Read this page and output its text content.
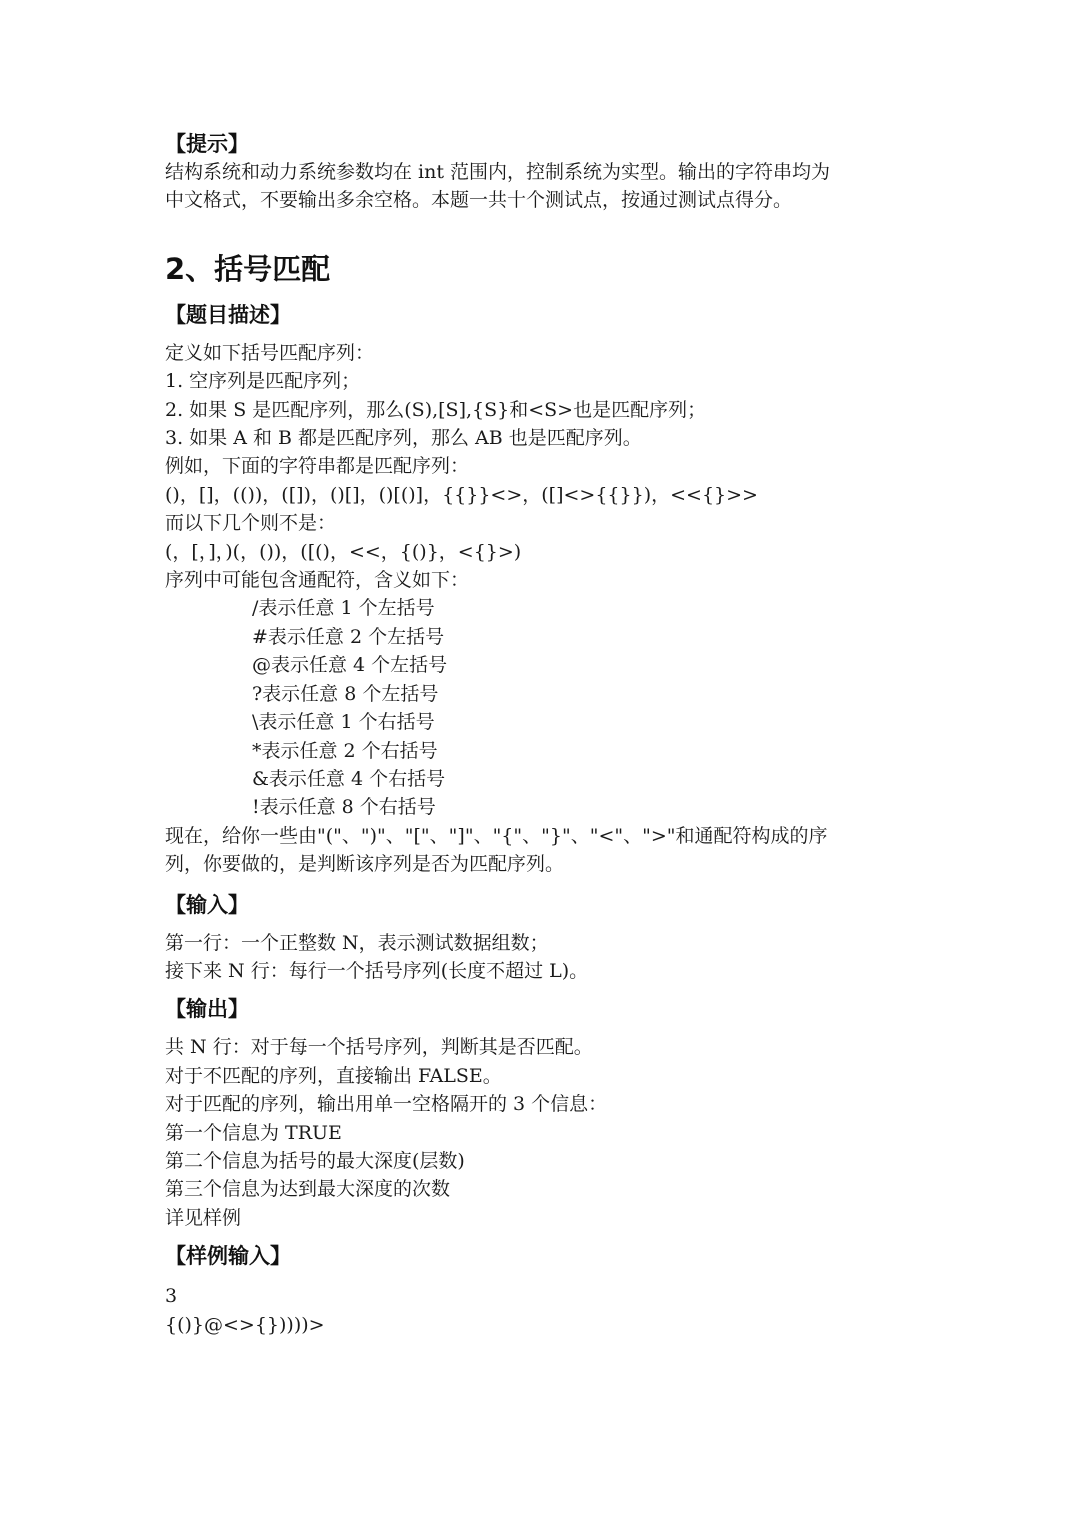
【提示】

结构系统和动力系统参数均在 int 范围内，控制系统为实型。输出的字符串均为

中文格式，不要输出多余空格。本题一共十个测试点，按通过测试点得分。

2、括号匹配
【题目描述】

定义如下括号匹配序列：

1. 空序列是匹配序列；

2. 如果 S 是匹配序列，那么(S),[S],{S}和<S>也是匹配序列；

3. 如果 A 和 B 都是匹配序列，那么 AB 也是匹配序列。

例如，下面的字符串都是匹配序列：

()，[]，(())，([])，()[]，()[()]，{{}}<>，([]<>{{}})，<<{}>>

而以下几个则不是：

(，[，]，)(，())，([()，<<，{()}，<{}>)

序列中可能包含通配符，含义如下：

/表示任意 1 个左括号

#表示任意 2 个左括号

@表示任意 4 个左括号

?表示任意 8 个左括号

\表示任意 1 个右括号

*表示任意 2 个右括号

&表示任意 4 个右括号

!表示任意 8 个右括号

现在，给你一些由"("、")"、"["、"]"、"{"、"}"、"<"、">"和通配符构成的序

列，你要做的，是判断该序列是否为匹配序列。

【输入】

第一行：一个正整数 N，表示测试数据组数；

接下来 N 行：每行一个括号序列(长度不超过 L)。

【输出】

共 N 行：对于每一个括号序列，判断其是否匹配。

对于不匹配的序列，直接输出 FALSE。

对于匹配的序列，输出用单一空格隔开的 3 个信息：

第一个信息为 TRUE

第二个信息为括号的最大深度(层数)

第三个信息为达到最大深度的次数

详见样例

【样例输入】

3

{()}@<>{}))))>
